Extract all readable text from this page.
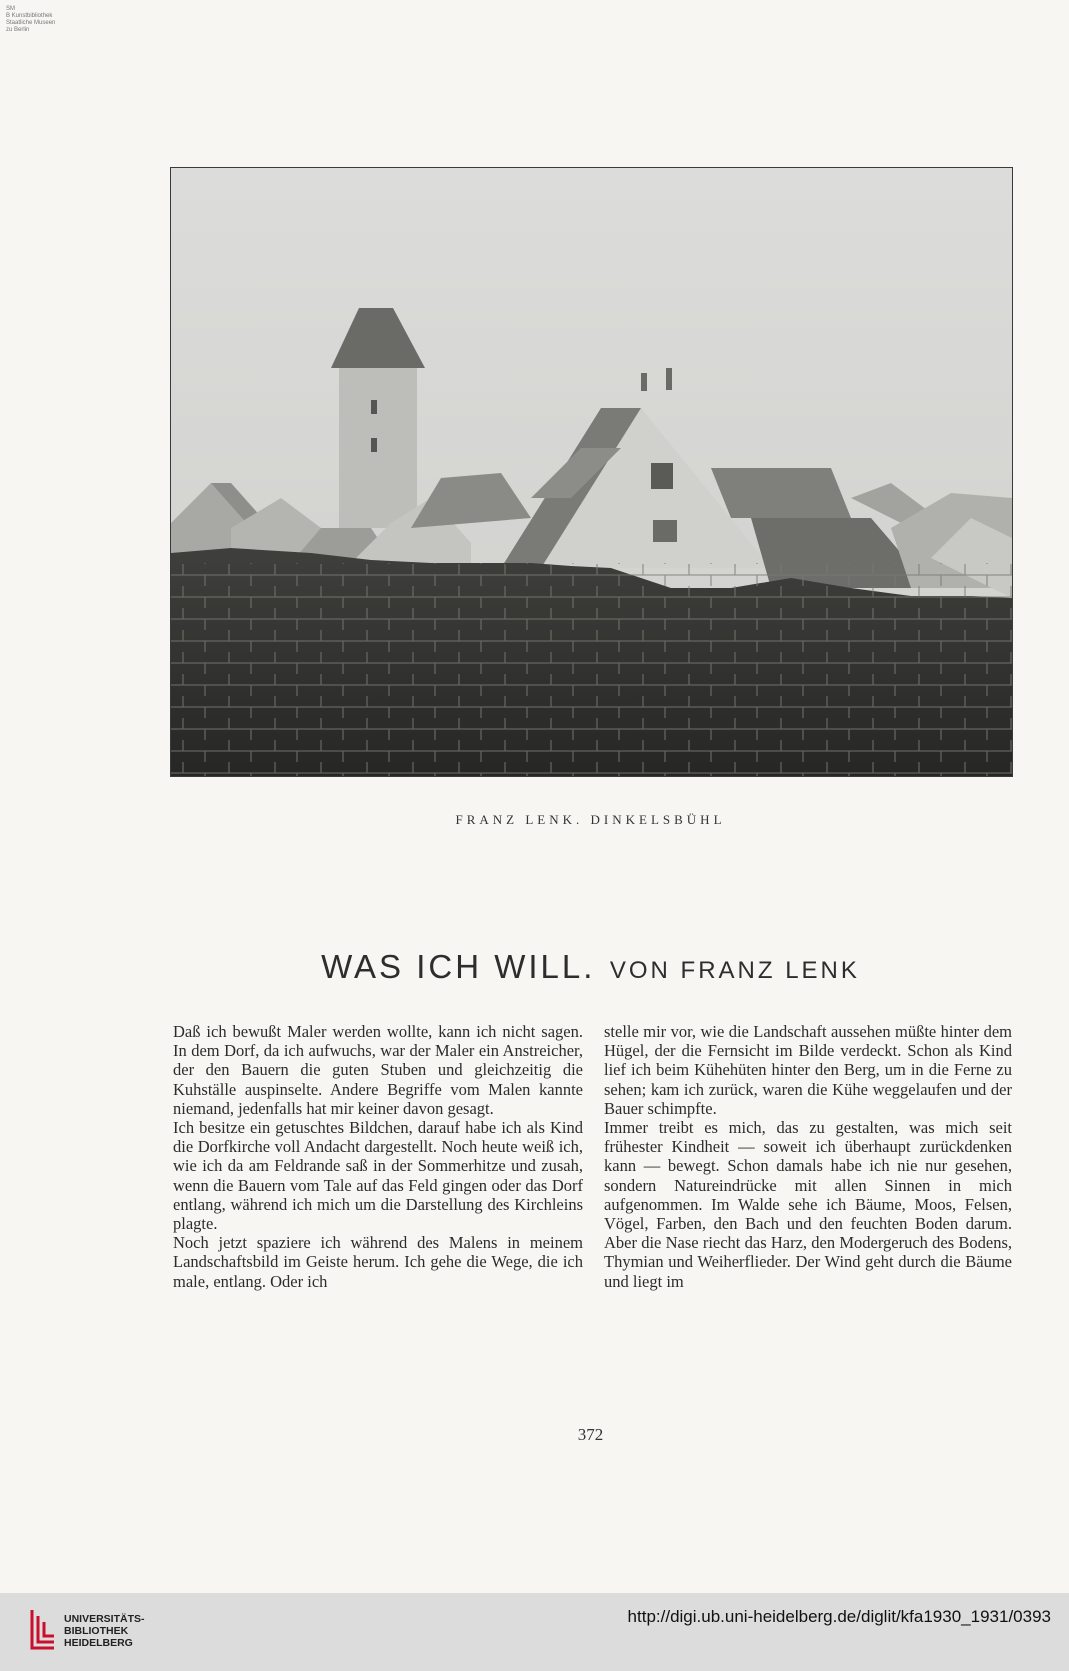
SM
B Kunstbibliothek
Staatliche Museen
zu Berlin
FRANZ LENK. DINKELSBÜHL
WAS ICH WILL. VON FRANZ LENK

Daß ich bewußt Maler werden wollte, kann ich nicht sagen. In dem Dorf, da ich aufwuchs, war der Maler ein Anstreicher, der den Bauern die guten Stuben und gleichzeitig die Kuhställe auspinselte. Andere Begriffe vom Malen kannte niemand, jedenfalls hat mir keiner davon gesagt.

Ich besitze ein getuschtes Bildchen, darauf habe ich als Kind die Dorfkirche voll Andacht dargestellt. Noch heute weiß ich, wie ich da am Feldrande saß in der Sommerhitze und zusah, wenn die Bauern vom Tale auf das Feld gingen oder das Dorf entlang, während ich mich um die Darstellung des Kirchleins plagte.

Noch jetzt spaziere ich während des Malens in meinem Landschaftsbild im Geiste herum. Ich gehe die Wege, die ich male, entlang. Oder ich

stelle mir vor, wie die Landschaft aussehen müßte hinter dem Hügel, der die Fernsicht im Bilde verdeckt. Schon als Kind lief ich beim Kühehüten hinter den Berg, um in die Ferne zu sehen; kam ich zurück, waren die Kühe weggelaufen und der Bauer schimpfte.

Immer treibt es mich, das zu gestalten, was mich seit frühester Kindheit — soweit ich überhaupt zurückdenken kann — bewegt. Schon damals habe ich nie nur gesehen, sondern Natureindrücke mit allen Sinnen in mich aufgenommen. Im Walde sehe ich Bäume, Moos, Felsen, Vögel, Farben, den Bach und den feuchten Boden darum. Aber die Nase riecht das Harz, den Modergeruch des Bodens, Thymian und Weiherflieder. Der Wind geht durch die Bäume und liegt im

372
UNIVERSITÄTS-
BIBLIOTHEK
HEIDELBERG
http://digi.ub.uni-heidelberg.de/diglit/kfa1930_1931/0393
